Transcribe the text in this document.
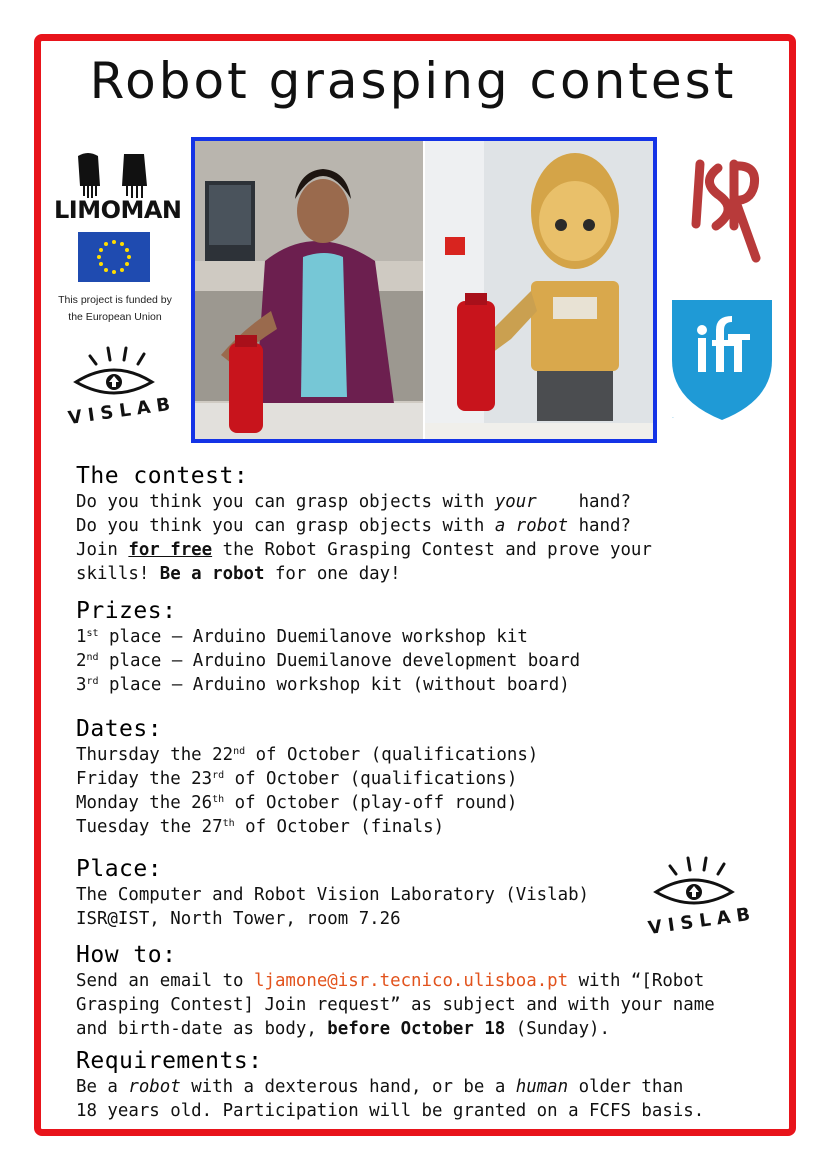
Robot grasping contest
LIMOMAN
This project is funded by
the European Union
VISLAB
ISR
IST
The contest:
Do you think you can grasp objects with your    hand?
Do you think you can grasp objects with a robot hand?
Join for free the Robot Grasping Contest and prove your
skills! Be a robot for one day!
Prizes:
1st place — Arduino Duemilanove workshop kit
2nd place — Arduino Duemilanove development board
3rd place — Arduino workshop kit (without board)
Dates:
Thursday the 22nd of October (qualifications)
Friday the 23rd of October (qualifications)
Monday the 26th of October (play-off round)
Tuesday the 27th of October (finals)
Place:
The Computer and Robot Vision Laboratory (Vislab)
ISR@IST, North Tower, room 7.26	VISLAB
How to:
Send an email to ljamone@isr.tecnico.ulisboa.pt with “[Robot
Grasping Contest] Join request” as subject and with your name
and birth-date as body, before October 18 (Sunday).
Requirements:
Be a robot with a dexterous hand, or be a human older than
18 years old. Participation will be granted on a FCFS basis.
